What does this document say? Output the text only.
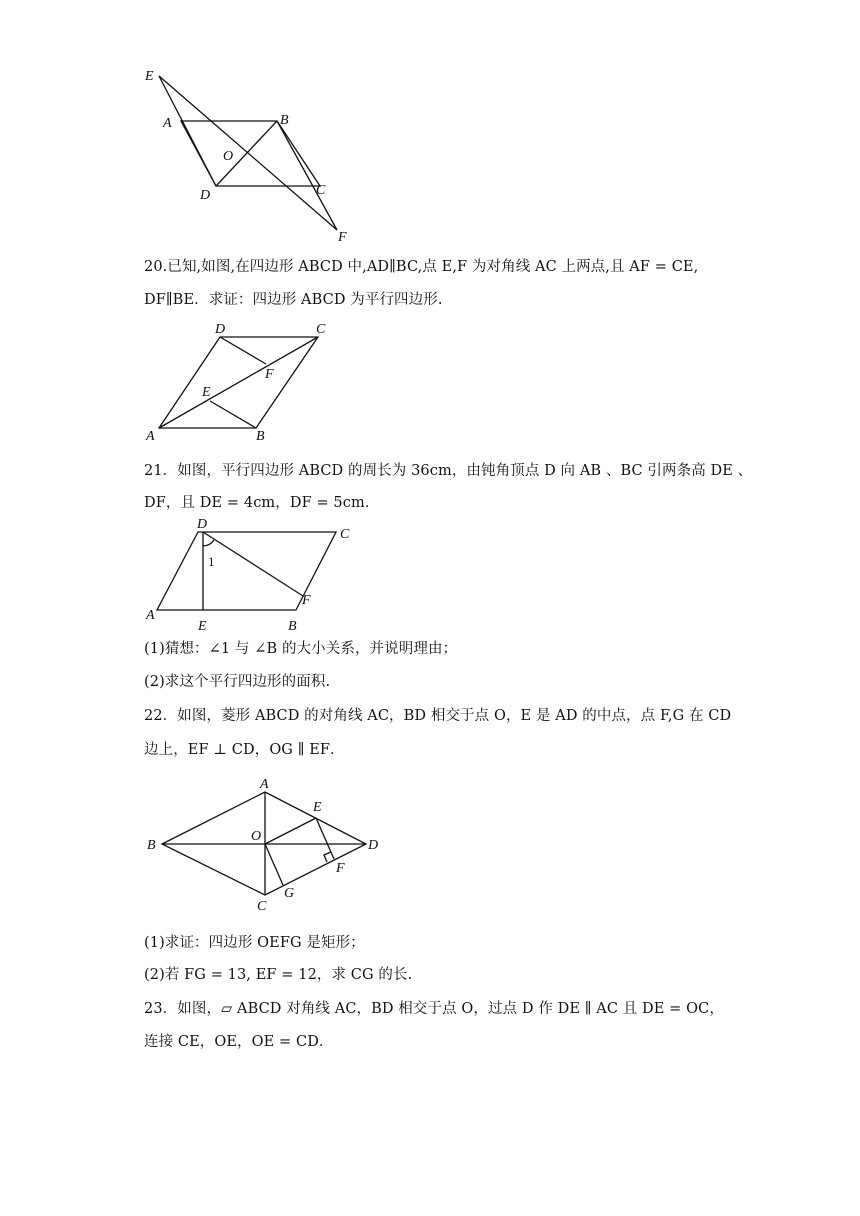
E
A	B
O
D	C
F
20.已知,如图,在四边形 ABCD 中,AD∥BC,点 E,F 为对角线 AC 上两点,且 AF = CE,
DF∥BE．求证：四边形 ABCD 为平行四边形.
D	C
F
E
A	B
21．如图，平行四边形 ABCD 的周长为 36cm，由钝角顶点 D 向 AB 、BC 引两条高 DE 、
DF，且 DE = 4cm，DF = 5cm．
D
C
1
A
E	B
F
(1)猜想：∠1 与 ∠B 的大小关系，并说明理由；
(2)求这个平行四边形的面积.
22．如图，菱形 ABCD 的对角线 AC，BD 相交于点 O，E 是 AD 的中点，点 F,G 在 CD
边上，EF ⊥ CD，OG ∥ EF．
A
B
O
E
D
F
G
C
(1)求证：四边形 OEFG 是矩形；
(2)若 FG = 13, EF = 12，求 CG 的长.
23．如图，▱ ABCD 对角线 AC，BD 相交于点 O，过点 D 作 DE ∥ AC 且 DE = OC，
连接 CE，OE，OE = CD．
